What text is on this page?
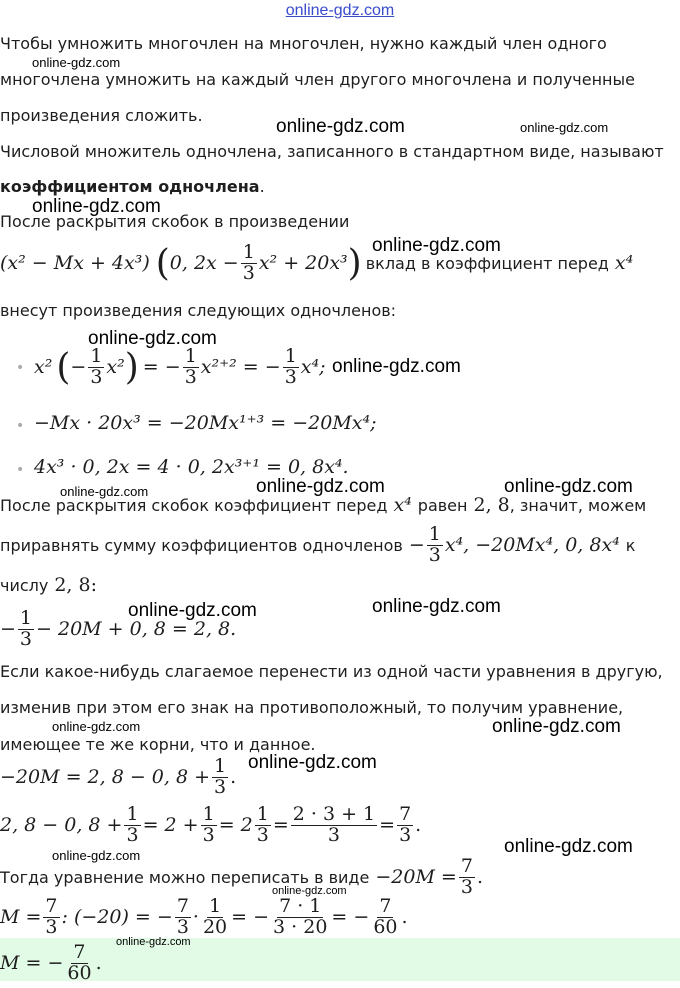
online-gdz.com
Чтобы умножить многочлен на многочлен, нужно каждый член одного
многочлена умножить на каждый член другого многочлена и полученные
произведения сложить.
Числовой множитель одночлена, записанного в стандартном виде, называют
коэффициентом одночлена.
После раскрытия скобок в произведении
(x² − Mx + 4x³) ( 0, $2x - \frac{1}{3} x^2 + 20x^3$ ) вклад в коэффициент перед x⁴
внесут произведения следующих одночленов:
• x² ( − $\frac{1}{3} x^2$ ) = − $\frac{1}{3} x^{2+2}$ = − $\frac{1}{3} x^4$;
• −Mx · 20x³ = −20Mx¹⁺³ = −20Mx⁴;
• 4x³ · 0, 2x = 4 · 0, 2x³⁺¹ = 0, 8x⁴.
После раскрытия скобок коэффициент перед x⁴ равен 2, 8 , значит, можем
приравнять сумму коэффициентов одночленов − $\frac{1}{3} x^4$, −20Mx⁴, 0, 8x⁴ к
числу 2, 8:
− $\frac{1}{3} - 20M + 0$, 8 = 2, 8.
Если какое-нибудь слагаемое перенести из одной части уравнения в другую,
изменив при этом его знак на противоположный, то получим уравнение,
имеющее те же корни, что и данное.
−20M = 2, 8 − 0, $8 + \frac{1}{3}$ .
2, 8 − 0, $8 + \frac{1}{3} = 2 + \frac{1}{3} = 2 \frac{1}{3} = \frac{2 \cdot 3 + 1}{3} = \frac{7}{3}$ .
Тогда уравнение можно переписать в виде $-20M = \frac{7}{3}$ .
$M = \frac{7}{3}$ : (−20) = − $\frac{7}{3} \cdot \frac{1}{20}$ = − $\frac{7 \cdot 1}{3 \cdot 20}$ = − $\frac{7}{60}$ .
M = − $\frac{7}{60}$ .
online-gdz.com
online-gdz.com	online-gdz.com
online-gdz.com
online-gdz.com
online-gdz.com
online-gdz.com
online-gdz.com	online-gdz.com	online-gdz.com
online-gdz.com	online-gdz.com
online-gdz.com	online-gdz.com
online-gdz.com
online-gdz.com	online-gdz.com
online-gdz.com
online-gdz.com
